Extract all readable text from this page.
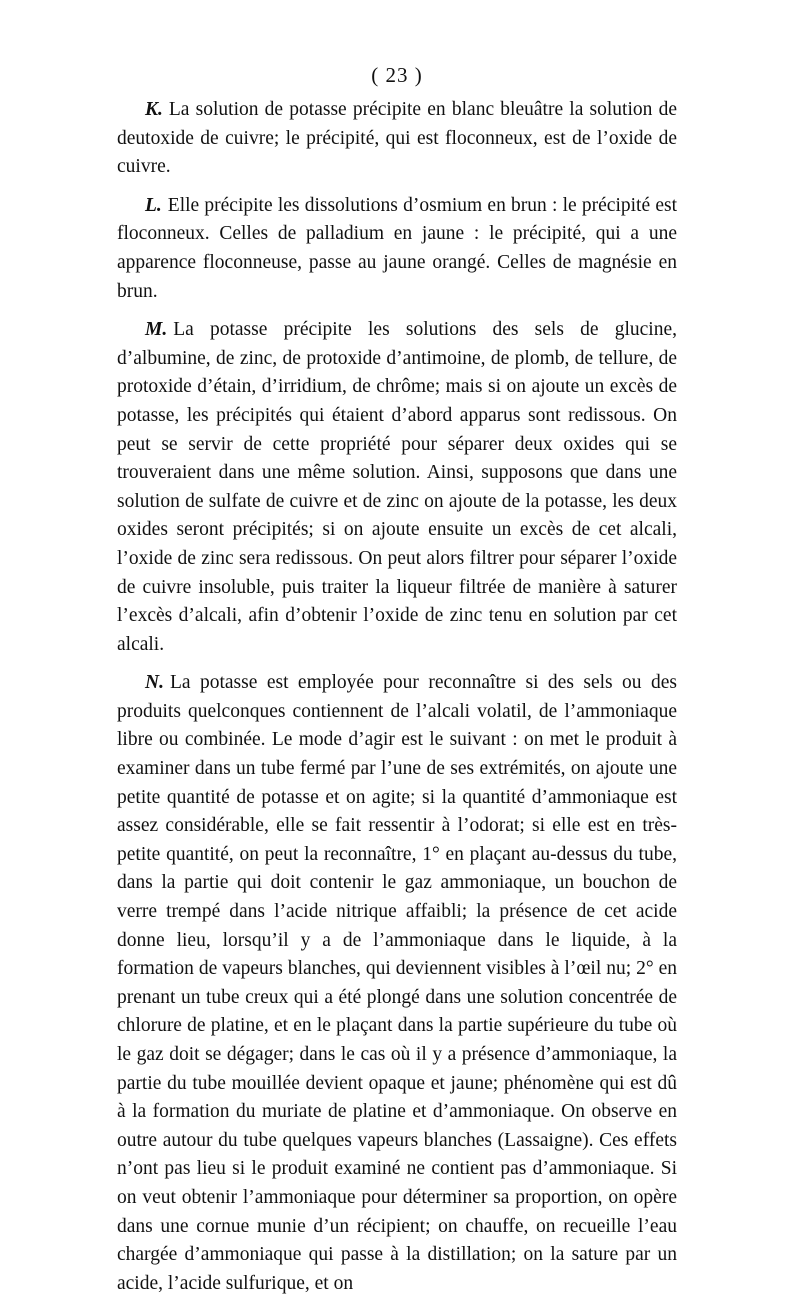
( 23 )

K. La solution de potasse précipite en blanc bleuâtre la solution de deutoxide de cuivre; le précipité, qui est floconneux, est de l’oxide de cuivre.

L. Elle précipite les dissolutions d’osmium en brun : le précipité est floconneux. Celles de palladium en jaune : le précipité, qui a une apparence floconneuse, passe au jaune orangé. Celles de magnésie en brun.

M. La potasse précipite les solutions des sels de glucine, d’albumine, de zinc, de protoxide d’antimoine, de plomb, de tellure, de protoxide d’étain, d’irridium, de chrôme; mais si on ajoute un excès de potasse, les précipités qui étaient d’abord apparus sont redissous. On peut se servir de cette propriété pour séparer deux oxides qui se trouveraient dans une même solution. Ainsi, supposons que dans une solution de sulfate de cuivre et de zinc on ajoute de la potasse, les deux oxides seront précipités; si on ajoute ensuite un excès de cet alcali, l’oxide de zinc sera redissous. On peut alors filtrer pour séparer l’oxide de cuivre insoluble, puis traiter la liqueur filtrée de manière à saturer l’excès d’alcali, afin d’obtenir l’oxide de zinc tenu en solution par cet alcali.

N. La potasse est employée pour reconnaître si des sels ou des produits quelconques contiennent de l’alcali volatil, de l’ammoniaque libre ou combinée. Le mode d’agir est le suivant : on met le produit à examiner dans un tube fermé par l’une de ses extrémités, on ajoute une petite quantité de potasse et on agite; si la quantité d’ammoniaque est assez considérable, elle se fait ressentir à l’odorat; si elle est en très-petite quantité, on peut la reconnaître, 1° en plaçant au-dessus du tube, dans la partie qui doit contenir le gaz ammoniaque, un bouchon de verre trempé dans l’acide nitrique affaibli; la présence de cet acide donne lieu, lorsqu’il y a de l’ammoniaque dans le liquide, à la formation de vapeurs blanches, qui deviennent visibles à l’œil nu; 2° en prenant un tube creux qui a été plongé dans une solution concentrée de chlorure de platine, et en le plaçant dans la partie supérieure du tube où le gaz doit se dégager; dans le cas où il y a présence d’ammoniaque, la partie du tube mouillée devient opaque et jaune; phénomène qui est dû à la formation du muriate de platine et d’ammoniaque. On observe en outre autour du tube quelques vapeurs blanches (Lassaigne). Ces effets n’ont pas lieu si le produit examiné ne contient pas d’ammoniaque. Si on veut obtenir l’ammoniaque pour déterminer sa proportion, on opère dans une cornue munie d’un récipient; on chauffe, on recueille l’eau chargée d’ammoniaque qui passe à la distillation; on la sature par un acide, l’acide sulfurique, et on
